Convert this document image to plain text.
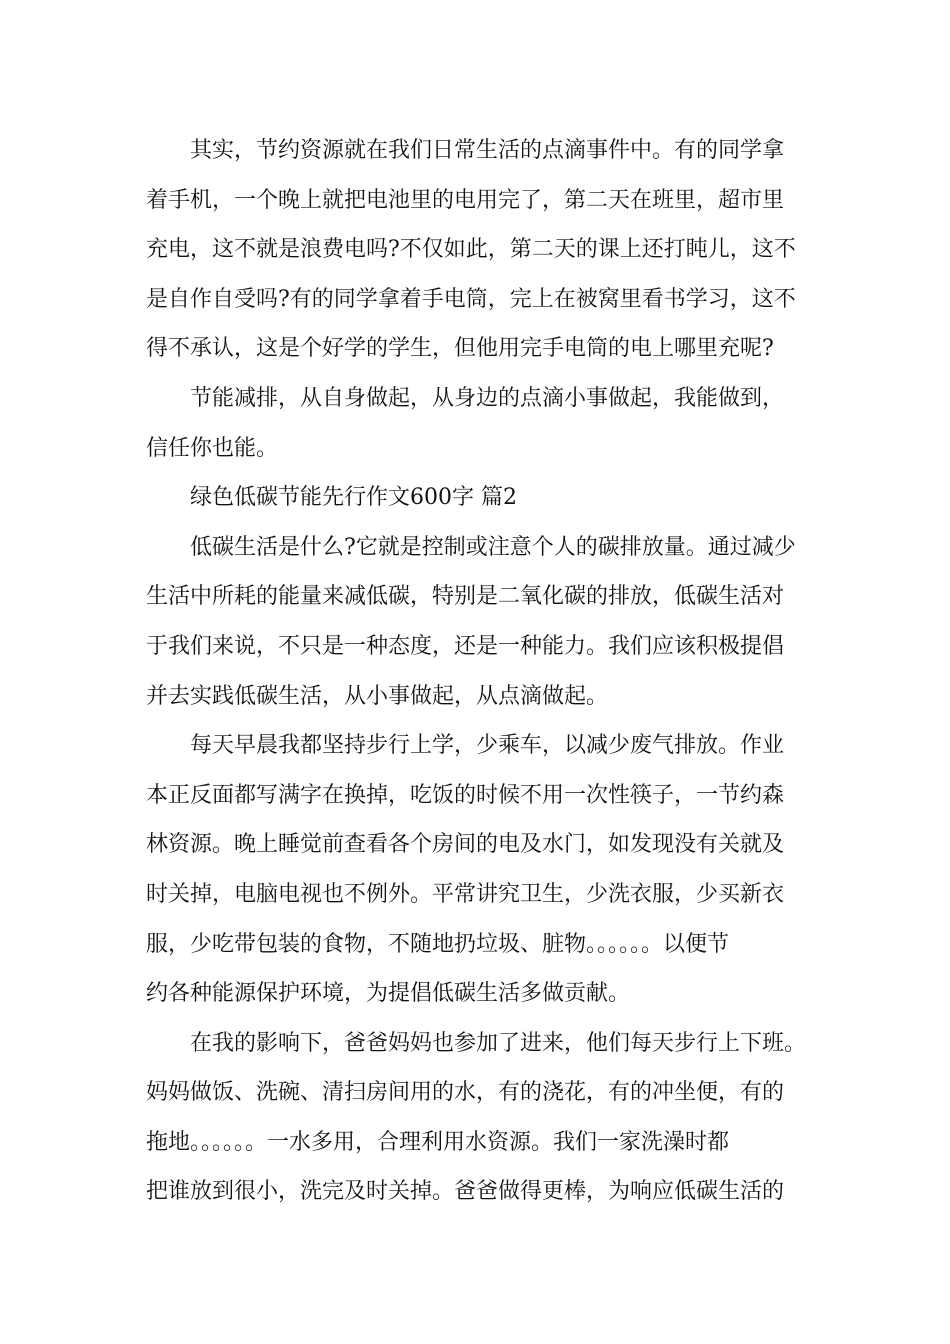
其实，节约资源就在我们日常生活的点滴事件中。有的同学拿
着手机，一个晚上就把电池里的电用完了，第二天在班里，超市里
充电，这不就是浪费电吗?不仅如此，第二天的课上还打盹儿，这不
是自作自受吗?有的同学拿着手电筒，完上在被窝里看书学习，这不
得不承认，这是个好学的学生，但他用完手电筒的电上哪里充呢?
节能减排，从自身做起，从身边的点滴小事做起，我能做到，
信任你也能。
绿色低碳节能先行作文600字 篇2
低碳生活是什么?它就是控制或注意个人的碳排放量。通过减少
生活中所耗的能量来减低碳，特别是二氧化碳的排放，低碳生活对
于我们来说，不只是一种态度，还是一种能力。我们应该积极提倡
并去实践低碳生活，从小事做起，从点滴做起。
每天早晨我都坚持步行上学，少乘车，以减少废气排放。作业
本正反面都写满字在换掉，吃饭的时候不用一次性筷子，一节约森
林资源。晚上睡觉前查看各个房间的电及水门，如发现没有关就及
时关掉，电脑电视也不例外。平常讲究卫生，少洗衣服，少买新衣
服，少吃带包装的食物，不随地扔垃圾、脏物。。。。。。以便节
约各种能源保护环境，为提倡低碳生活多做贡献。
在我的影响下，爸爸妈妈也参加了进来，他们每天步行上下班。
妈妈做饭、洗碗、清扫房间用的水，有的浇花，有的冲坐便，有的
拖地。。。。。。一水多用，合理利用水资源。我们一家洗澡时都
把谁放到很小，洗完及时关掉。爸爸做得更棒，为响应低碳生活的
